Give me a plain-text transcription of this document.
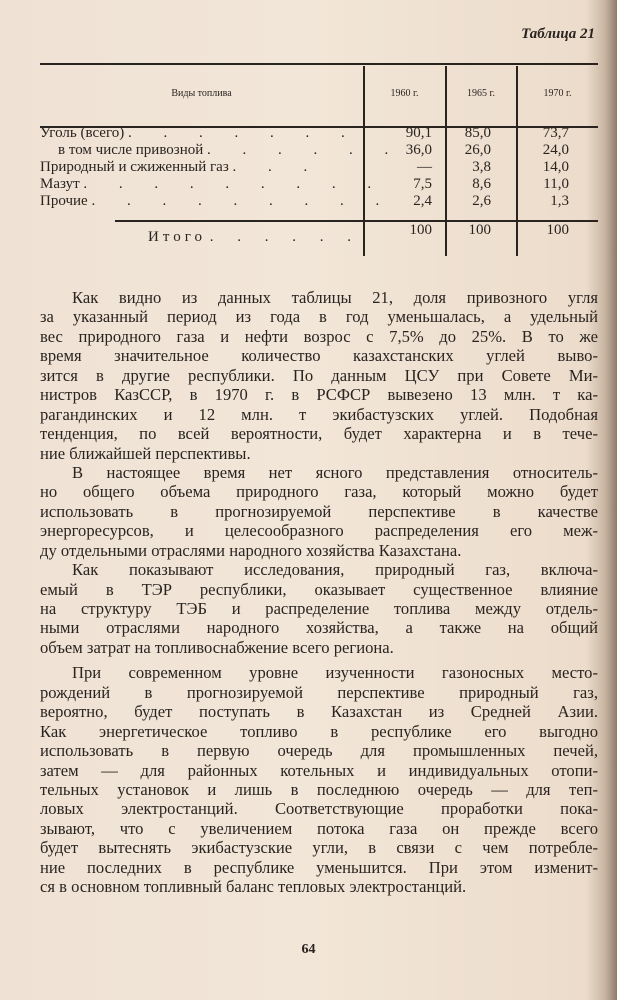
Таблица 21
Виды топлива	1960 г.	1965 г.	1970 г.
Уголь (всего) . . . . . . .	90,1	85,0	73,7
в том числе привозной . . . . . . 36,0	26,0	24,0
Природный и сжиженный газ . . .	—	3,8	14,0
Мазут . . . . . . . . .	7,5	8,6	11,0
Прочие . . . . . . . . .	2,4	2,6	1,3
Итого . . . . . .	100	100	100
Как видно из данных таблицы 21, доля привозного угля
за указанный период из года в год уменьшалась, а удельный
вес природного газа и нефти возрос с 7,5% до 25%. В то же
время значительное количество казахстанских углей выво-
зится в другие республики. По данным ЦСУ при Совете Ми-
нистров КазССР, в 1970 г. в РСФСР вывезено 13 млн. т ка-
рагандинских и 12 млн. т экибастузских углей. Подобная
тенденция, по всей вероятности, будет характерна и в тече-
ние ближайшей перспективы.
В настоящее время нет ясного представления относитель-
но общего объема природного газа, который можно будет
использовать в прогнозируемой перспективе в качестве
энергоресурсов, и целесообразного распределения его меж-
ду отдельными отраслями народного хозяйства Казахстана.
Как показывают исследования, природный газ, включа-
емый в ТЭР республики, оказывает существенное влияние
на структуру ТЭБ и распределение топлива между отдель-
ными отраслями народного хозяйства, а также на общий
объем затрат на топливоснабжение всего региона.
При современном уровне изученности газоносных место-
рождений в прогнозируемой перспективе природный газ,
вероятно, будет поступать в Казахстан из Средней Азии.
Как энергетическое топливо в республике его выгодно
использовать в первую очередь для промышленных печей,
затем — для районных котельных и индивидуальных отопи-
тельных установок и лишь в последнюю очередь — для теп-
ловых электростанций. Соответствующие проработки пока-
зывают, что с увеличением потока газа он прежде всего
будет вытеснять экибастузские угли, в связи с чем потребле-
ние последних в республике уменьшится. При этом изменит-
ся в основном топливный баланс тепловых электростанций.
64
